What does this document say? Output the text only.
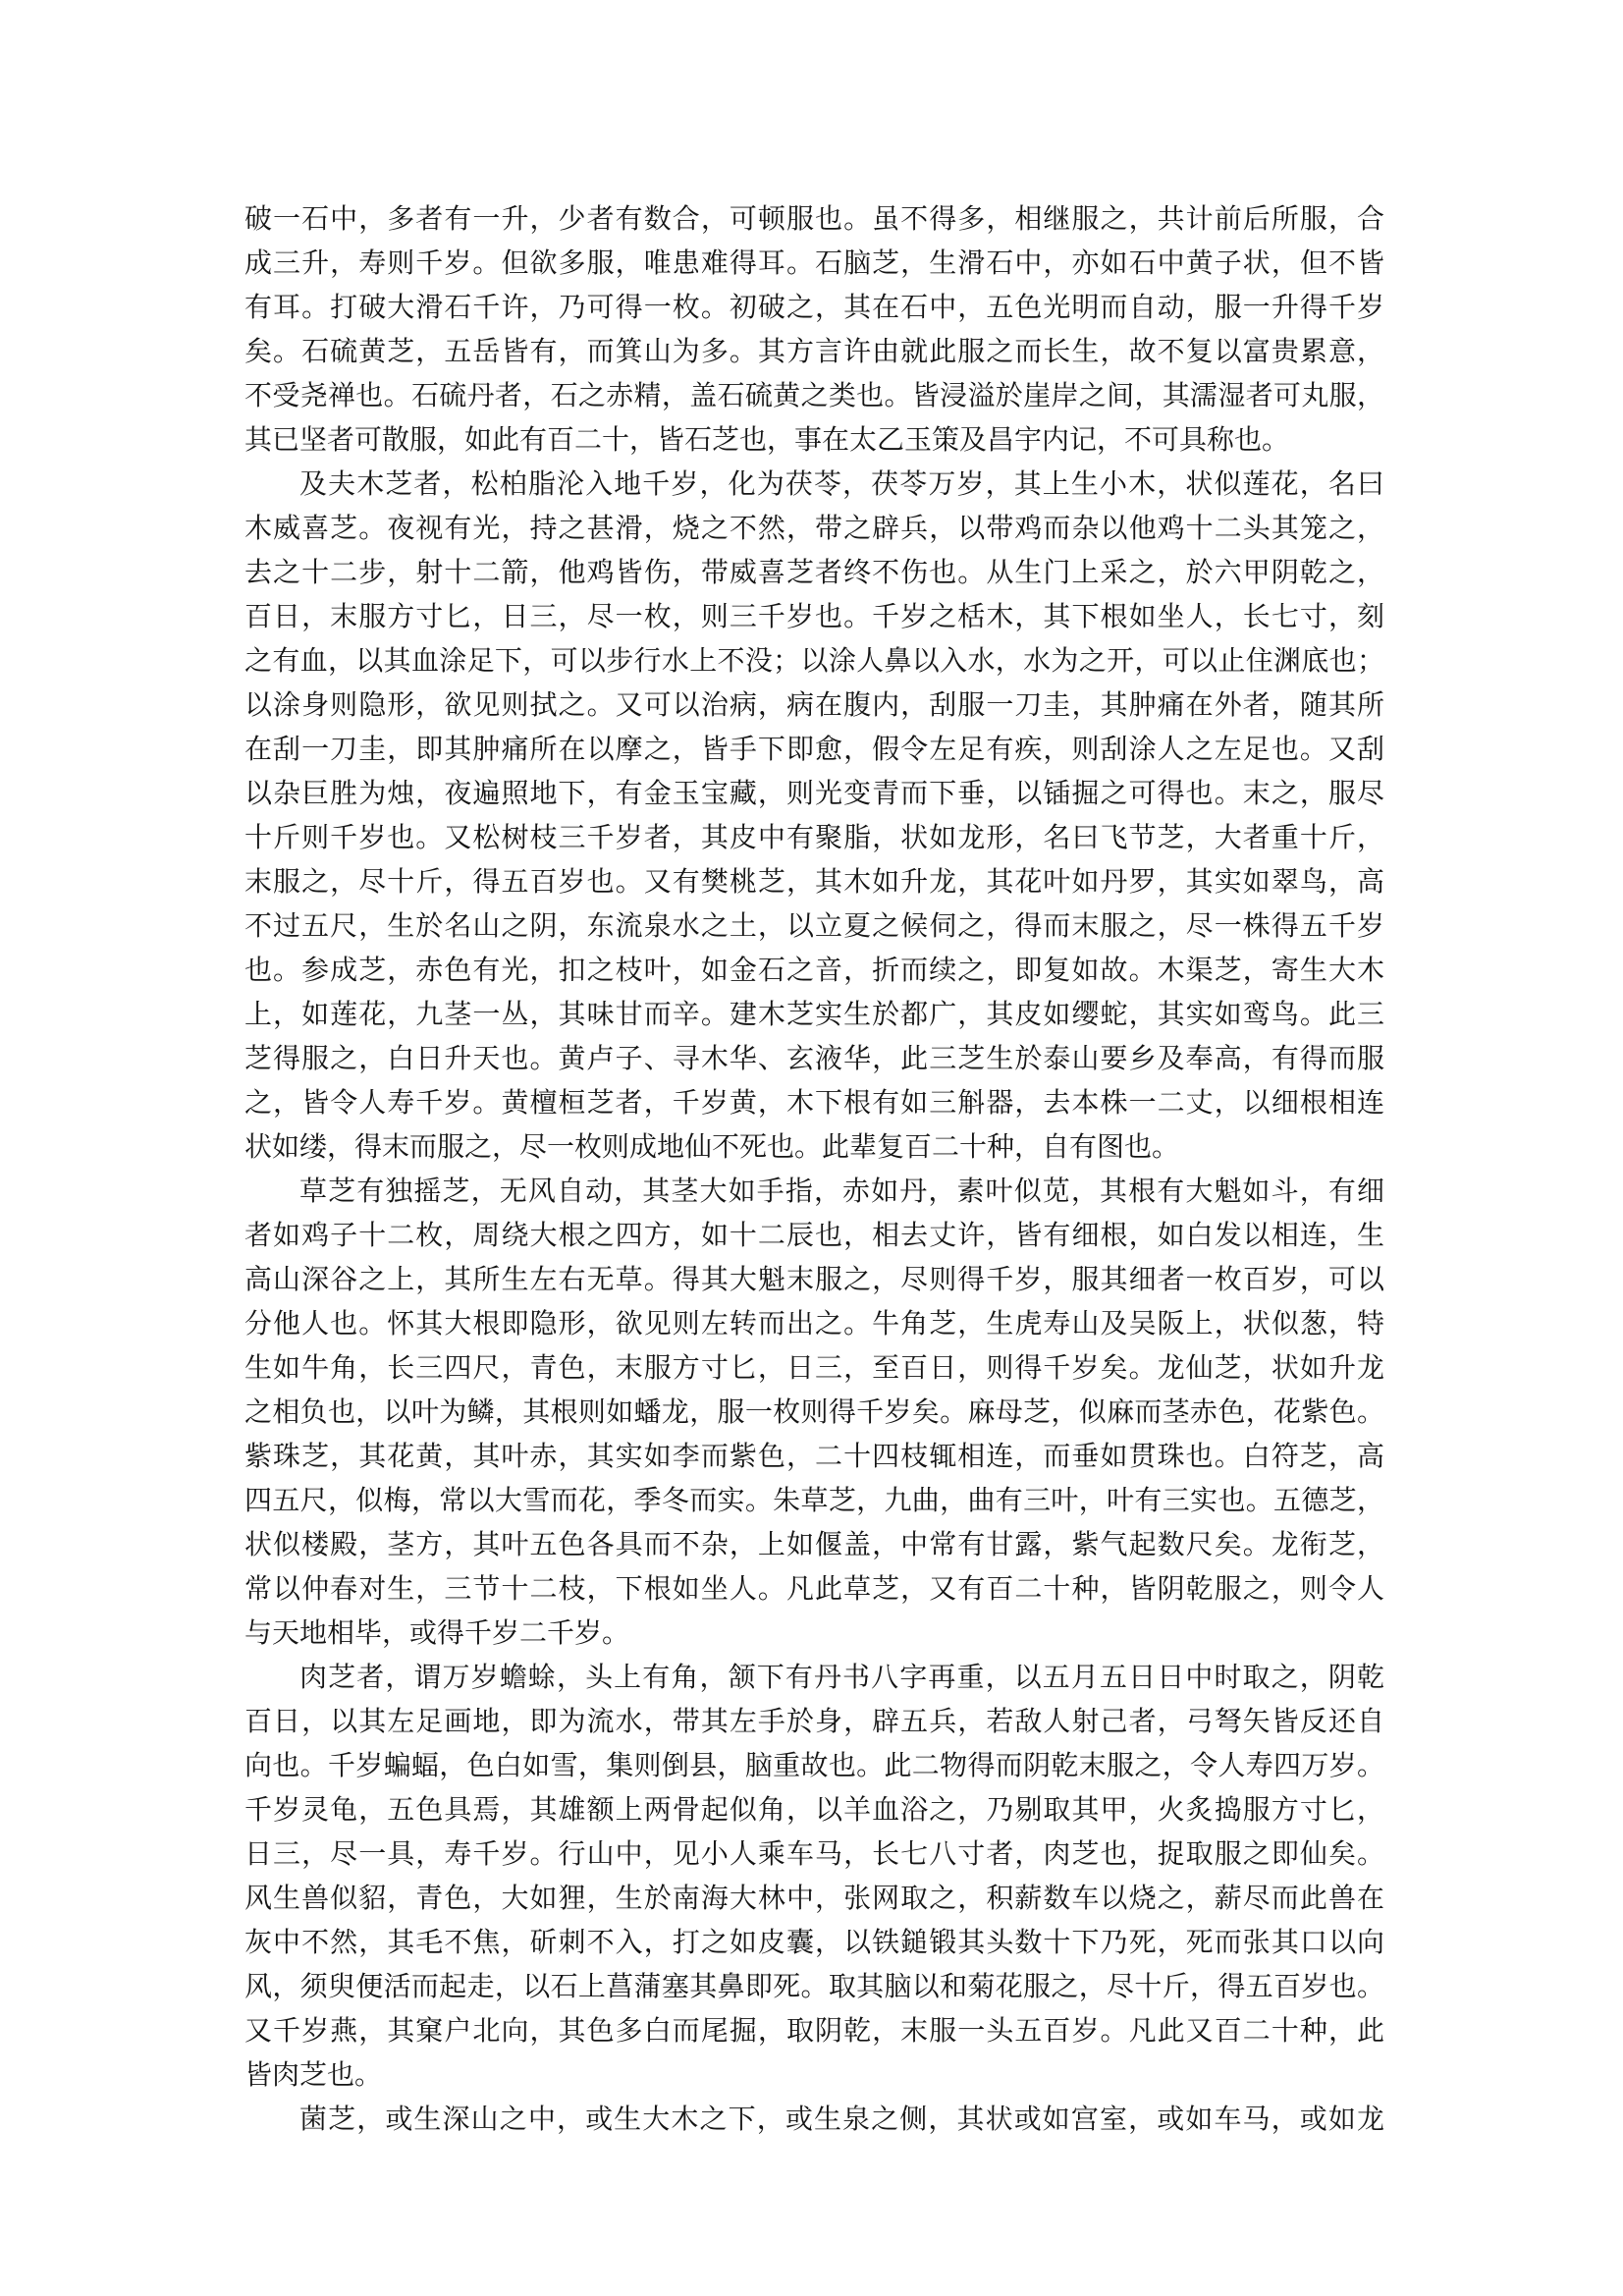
破一石中，多者有一升，少者有数合，可顿服也。虽不得多，相继服之，共计前后所服，合
成三升，寿则千岁。但欲多服，唯患难得耳。石脑芝，生滑石中，亦如石中黄子状，但不皆
有耳。打破大滑石千许，乃可得一枚。初破之，其在石中，五色光明而自动，服一升得千岁
矣。石硫黄芝，五岳皆有，而箕山为多。其方言许由就此服之而长生，故不复以富贵累意，
不受尧禅也。石硫丹者，石之赤精，盖石硫黄之类也。皆浸溢於崖岸之间，其濡湿者可丸服，
其已坚者可散服，如此有百二十，皆石芝也，事在太乙玉策及昌宇内记，不可具称也。
及夫木芝者，松柏脂沦入地千岁，化为茯苓，茯苓万岁，其上生小木，状似莲花，名曰
木威喜芝。夜视有光，持之甚滑，烧之不然，带之辟兵，以带鸡而杂以他鸡十二头其笼之，
去之十二步，射十二箭，他鸡皆伤，带威喜芝者终不伤也。从生门上采之，於六甲阴乾之，
百日，末服方寸匕，日三，尽一枚，则三千岁也。千岁之栝木，其下根如坐人，长七寸，刻
之有血，以其血涂足下，可以步行水上不没；以涂人鼻以入水，水为之开，可以止住渊底也；
以涂身则隐形，欲见则拭之。又可以治病，病在腹内，刮服一刀圭，其肿痛在外者，随其所
在刮一刀圭，即其肿痛所在以摩之，皆手下即愈，假令左足有疾，则刮涂人之左足也。又刮
以杂巨胜为烛，夜遍照地下，有金玉宝藏，则光变青而下垂，以锸掘之可得也。末之，服尽
十斤则千岁也。又松树枝三千岁者，其皮中有聚脂，状如龙形，名曰飞节芝，大者重十斤，
末服之，尽十斤，得五百岁也。又有樊桃芝，其木如升龙，其花叶如丹罗，其实如翠鸟，高
不过五尺，生於名山之阴，东流泉水之土，以立夏之候伺之，得而末服之，尽一株得五千岁
也。参成芝，赤色有光，扣之枝叶，如金石之音，折而续之，即复如故。木渠芝，寄生大木
上，如莲花，九茎一丛，其味甘而辛。建木芝实生於都广，其皮如缨蛇，其实如鸾鸟。此三
芝得服之，白日升天也。黄卢子、寻木华、玄液华，此三芝生於泰山要乡及奉高，有得而服
之，皆令人寿千岁。黄檀桓芝者，千岁黄，木下根有如三斛器，去本株一二丈，以细根相连
状如缕，得末而服之，尽一枚则成地仙不死也。此辈复百二十种，自有图也。
草芝有独摇芝，无风自动，其茎大如手指，赤如丹，素叶似苋，其根有大魁如斗，有细
者如鸡子十二枚，周绕大根之四方，如十二辰也，相去丈许，皆有细根，如白发以相连，生
高山深谷之上，其所生左右无草。得其大魁末服之，尽则得千岁，服其细者一枚百岁，可以
分他人也。怀其大根即隐形，欲见则左转而出之。牛角芝，生虎寿山及吴阪上，状似葱，特
生如牛角，长三四尺，青色，末服方寸匕，日三，至百日，则得千岁矣。龙仙芝，状如升龙
之相负也，以叶为鳞，其根则如蟠龙，服一枚则得千岁矣。麻母芝，似麻而茎赤色，花紫色。
紫珠芝，其花黄，其叶赤，其实如李而紫色，二十四枝辄相连，而垂如贯珠也。白符芝，高
四五尺，似梅，常以大雪而花，季冬而实。朱草芝，九曲，曲有三叶，叶有三实也。五德芝，
状似楼殿，茎方，其叶五色各具而不杂，上如偃盖，中常有甘露，紫气起数尺矣。龙衔芝，
常以仲春对生，三节十二枝，下根如坐人。凡此草芝，又有百二十种，皆阴乾服之，则令人
与天地相毕，或得千岁二千岁。
肉芝者，谓万岁蟾蜍，头上有角，颔下有丹书八字再重，以五月五日日中时取之，阴乾
百日，以其左足画地，即为流水，带其左手於身，辟五兵，若敌人射己者，弓弩矢皆反还自
向也。千岁蝙蝠，色白如雪，集则倒县，脑重故也。此二物得而阴乾末服之，令人寿四万岁。
千岁灵龟，五色具焉，其雄额上两骨起似角，以羊血浴之，乃剔取其甲，火炙捣服方寸匕，
日三，尽一具，寿千岁。行山中，见小人乘车马，长七八寸者，肉芝也，捉取服之即仙矣。
风生兽似貂，青色，大如狸，生於南海大林中，张网取之，积薪数车以烧之，薪尽而此兽在
灰中不然，其毛不焦，斫刺不入，打之如皮囊，以铁鎚锻其头数十下乃死，死而张其口以向
风，须臾便活而起走，以石上菖蒲塞其鼻即死。取其脑以和菊花服之，尽十斤，得五百岁也。
又千岁燕，其窠户北向，其色多白而尾掘，取阴乾，末服一头五百岁。凡此又百二十种，此
皆肉芝也。
菌芝，或生深山之中，或生大木之下，或生泉之侧，其状或如宫室，或如车马，或如龙
